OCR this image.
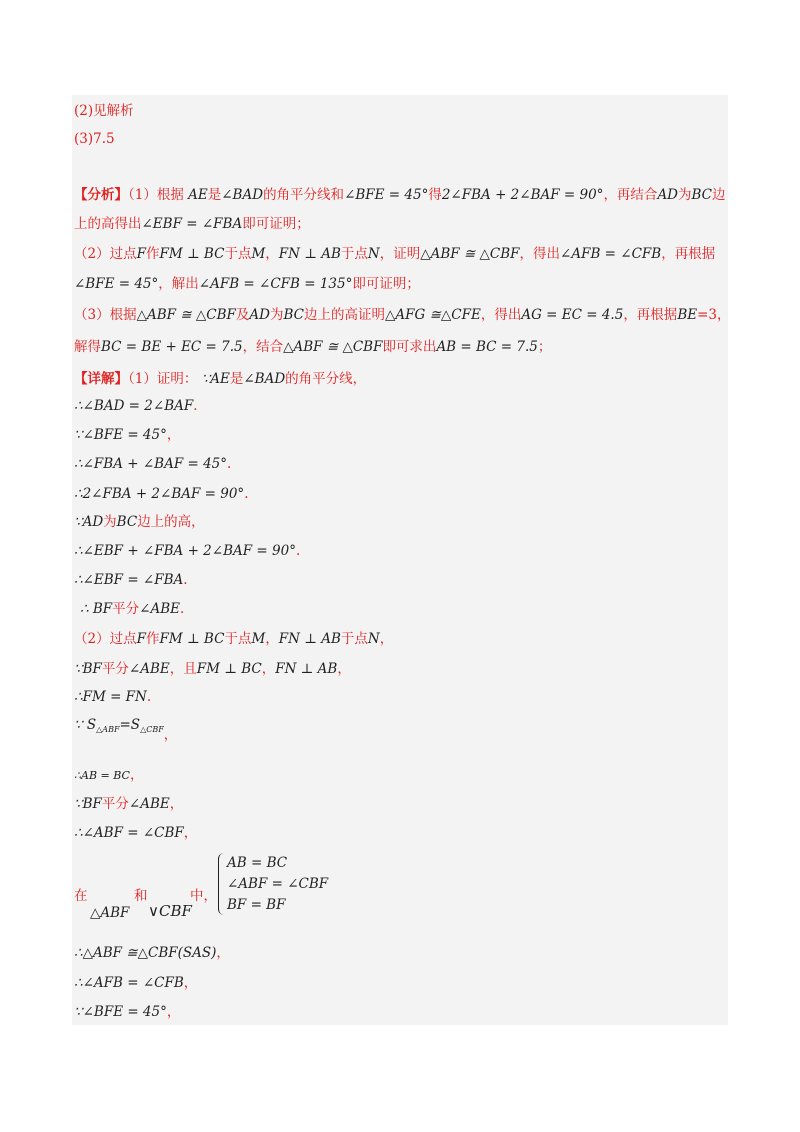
(2)见解析
(3)7.5
【分析】（1）根据 AE是∠BAD的角平分线和∠BFE = 45°得2∠FBA + 2∠BAF = 90°，再结合AD为BC边
上的高得出∠EBF = ∠FBA即可证明；
（2）过点F作FM ⊥ BC于点M，FN ⊥ AB于点N，证明△ABF ≅ △CBF，得出∠AFB = ∠CFB，再根据
∠BFE = 45°，解出∠AFB = ∠CFB = 135°即可证明；
（3）根据△ABF ≅ △CBF及AD为BC边上的高证明△AFG ≅△CFE，得出AG = EC = 4.5，再根据BE=3，
解得BC = BE + EC = 7.5，结合△ABF ≅ △CBF即可求出AB = BC = 7.5；
【详解】（1）证明： ∵AE是∠BAD的角平分线，
∴∠BAD = 2∠BAF.
∵∠BFE = 45°，
∴∠FBA + ∠BAF = 45°.
∴2∠FBA + 2∠BAF = 90°.
∵AD为BC边上的高，
∴∠EBF + ∠FBA + 2∠BAF = 90°.
∴∠EBF = ∠FBA.
∴ BF平分∠ABE.
（2）过点F作FM ⊥ BC于点M，FN ⊥ AB于点N，
∵BF平分∠ABE，且FM ⊥ BC，FN ⊥ AB，
∴FM = FN.
∵ $S_{\triangle ABF}=S_{\triangle CBF}$，
∴AB = BC，
∵BF平分∠ABE，
∴∠ABF = ∠CBF，
在
△ABF
和
∨CBF
中，
AB = BC
∠ABF = ∠CBF
BF = BF
∴△ABF ≅△CBF(SAS)，
∴∠AFB = ∠CFB，
∵∠BFE = 45°，
